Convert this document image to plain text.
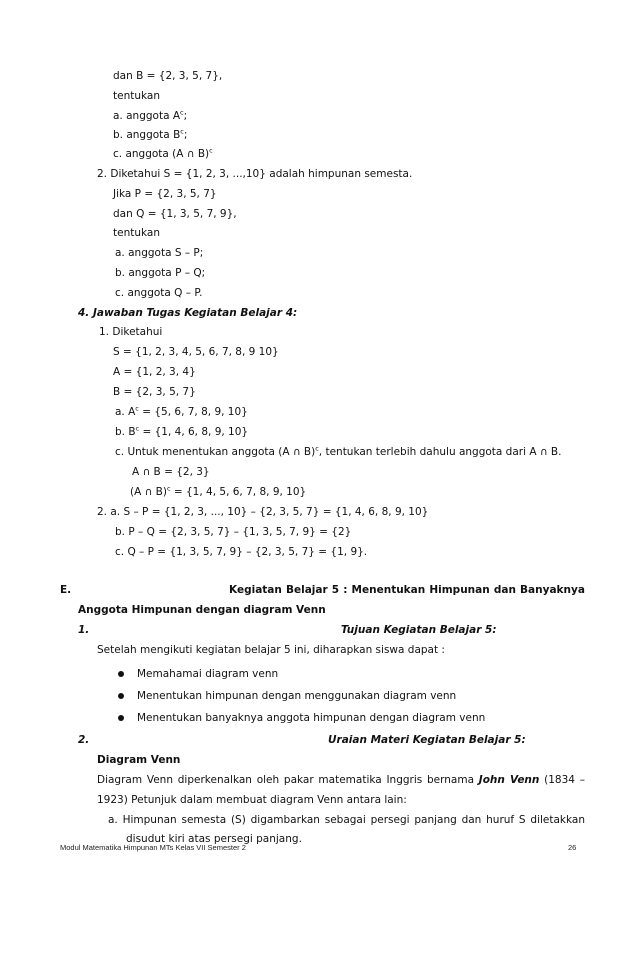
dan B = {2, 3, 5, 7},
tentukan
a. anggota $A^c$;
b. anggota $B^c$;
c. anggota (A ∩ B)$^c$
2. Diketahui S = {1, 2, 3, ...,10} adalah himpunan semesta.
Jika P = {2, 3, 5, 7}
dan Q = {1, 3, 5, 7, 9},
tentukan
a. anggota S – P;
b. anggota P – Q;
c. anggota Q – P.
4. Jawaban Tugas Kegiatan Belajar 4:
1. Diketahui
S = {1, 2, 3, 4, 5, 6, 7, 8, 9 10}
A = {1, 2, 3, 4}
B = {2, 3, 5, 7}
a. $A^c = \{5$, 6, 7, 8, 9, 10}
b. $B^c = \{1$, 4, 6, 8, 9, 10}
c. Untuk menentukan anggota (A ∩ B)$^c$, tentukan terlebih dahulu anggota dari A ∩ B.
A ∩ B = {2, 3}
(A ∩ B)$^c$ = {1, 4, 5, 6, 7, 8, 9, 10}
2. a. S – P = {1, 2, 3, ..., 10} – {2, 3, 5, 7} = {1, 4, 6, 8, 9, 10}
b. P – Q = {2, 3, 5, 7} – {1, 3, 5, 7, 9} = {2}
c. Q – P = {1, 3, 5, 7, 9} – {2, 3, 5, 7} = {1, 9}.
E.	Kegiatan Belajar 5 : Menentukan Himpunan dan Banyaknya
Anggota Himpunan dengan diagram Venn
1.	Tujuan Kegiatan Belajar 5:
Setelah mengikuti kegiatan belajar 5 ini, diharapkan siswa dapat :
Memahamai diagram venn
Menentukan himpunan dengan menggunakan diagram venn
Menentukan banyaknya anggota himpunan dengan diagram venn
2.	Uraian Materi Kegiatan Belajar 5:
Diagram Venn
Diagram Venn diperkenalkan oleh pakar matematika Inggris bernama John Venn (1834 –
1923) Petunjuk dalam membuat diagram Venn antara lain:
a. Himpunan semesta (S) digambarkan sebagai persegi panjang dan huruf S diletakkan
disudut kiri atas persegi panjang.
Modul Matematika Himpunan MTs Kelas VII Semester 2	26
